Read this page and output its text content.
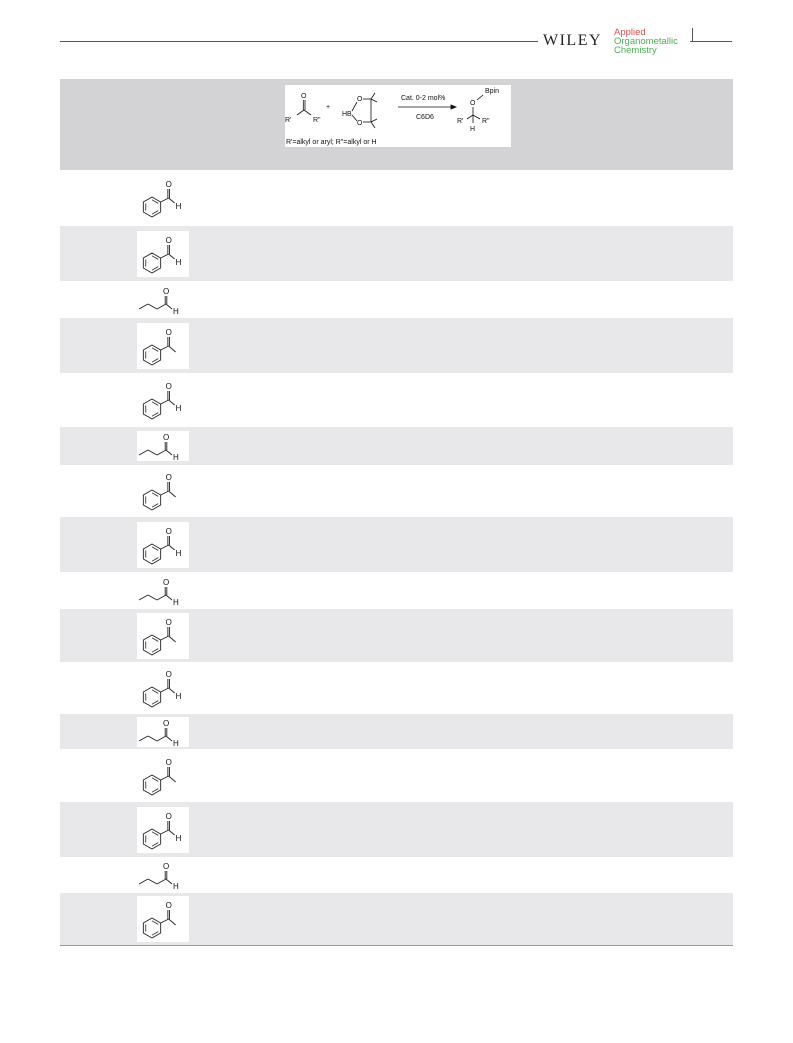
WILEY Applied
Organometallic
Chemistry
O
R'	R"
+
HB
O
O
Cat. 0-2 mol%
C6D6
Bpin
O
R'
H
R"
R'=alkyl or aryl; R"=alkyl or H
O
H
O
H
O
H
O
O
H
O
H
O
O
H
O
H
O
O
H
O
H
O
O
H
O
H
O
